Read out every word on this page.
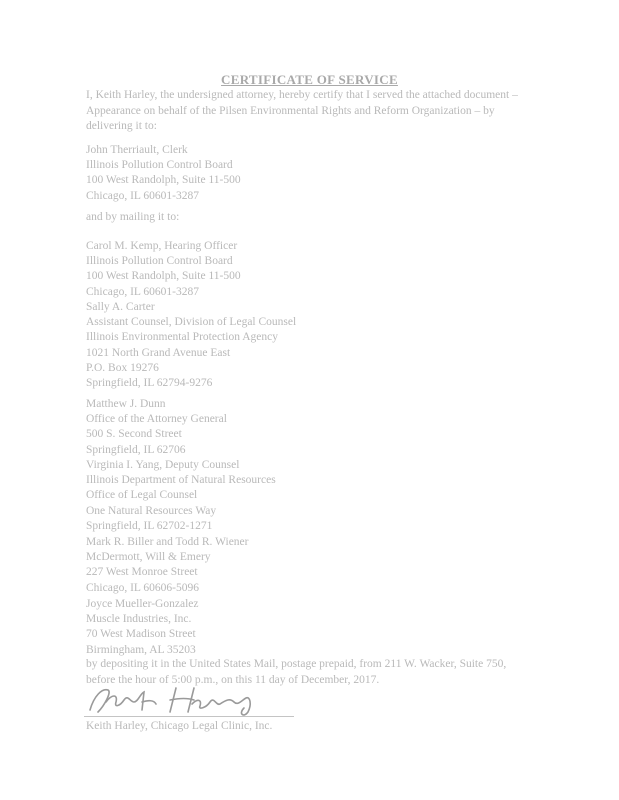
CERTIFICATE OF SERVICE
I, Keith Harley, the undersigned attorney, hereby certify that I served the attached document – Appearance on behalf of the Pilsen Environmental Rights and Reform Organization – by delivering it to:
John Therriault, Clerk
Illinois Pollution Control Board
100 West Randolph, Suite 11-500
Chicago, IL 60601-3287
and by mailing it to:
Carol M. Kemp, Hearing Officer
Illinois Pollution Control Board
100 West Randolph, Suite 11-500
Chicago, IL 60601-3287
Sally A. Carter
Assistant Counsel, Division of Legal Counsel
Illinois Environmental Protection Agency
1021 North Grand Avenue East
P.O. Box 19276
Springfield, IL 62794-9276
Matthew J. Dunn
Office of the Attorney General
500 S. Second Street
Springfield, IL 62706
Virginia I. Yang, Deputy Counsel
Illinois Department of Natural Resources
Office of Legal Counsel
One Natural Resources Way
Springfield, IL 62702-1271
Mark R. Biller and Todd R. Wiener
McDermott, Will & Emery
227 West Monroe Street
Chicago, IL 60606-5096
Joyce Mueller-Gonzalez
Muscle Industries, Inc.
70 West Madison Street
Birmingham, AL 35203
by depositing it in the United States Mail, postage prepaid, from 211 W. Wacker, Suite 750, before the hour of 5:00 p.m., on this 11 day of December, 2017.
Keith Harley, Chicago Legal Clinic, Inc.
